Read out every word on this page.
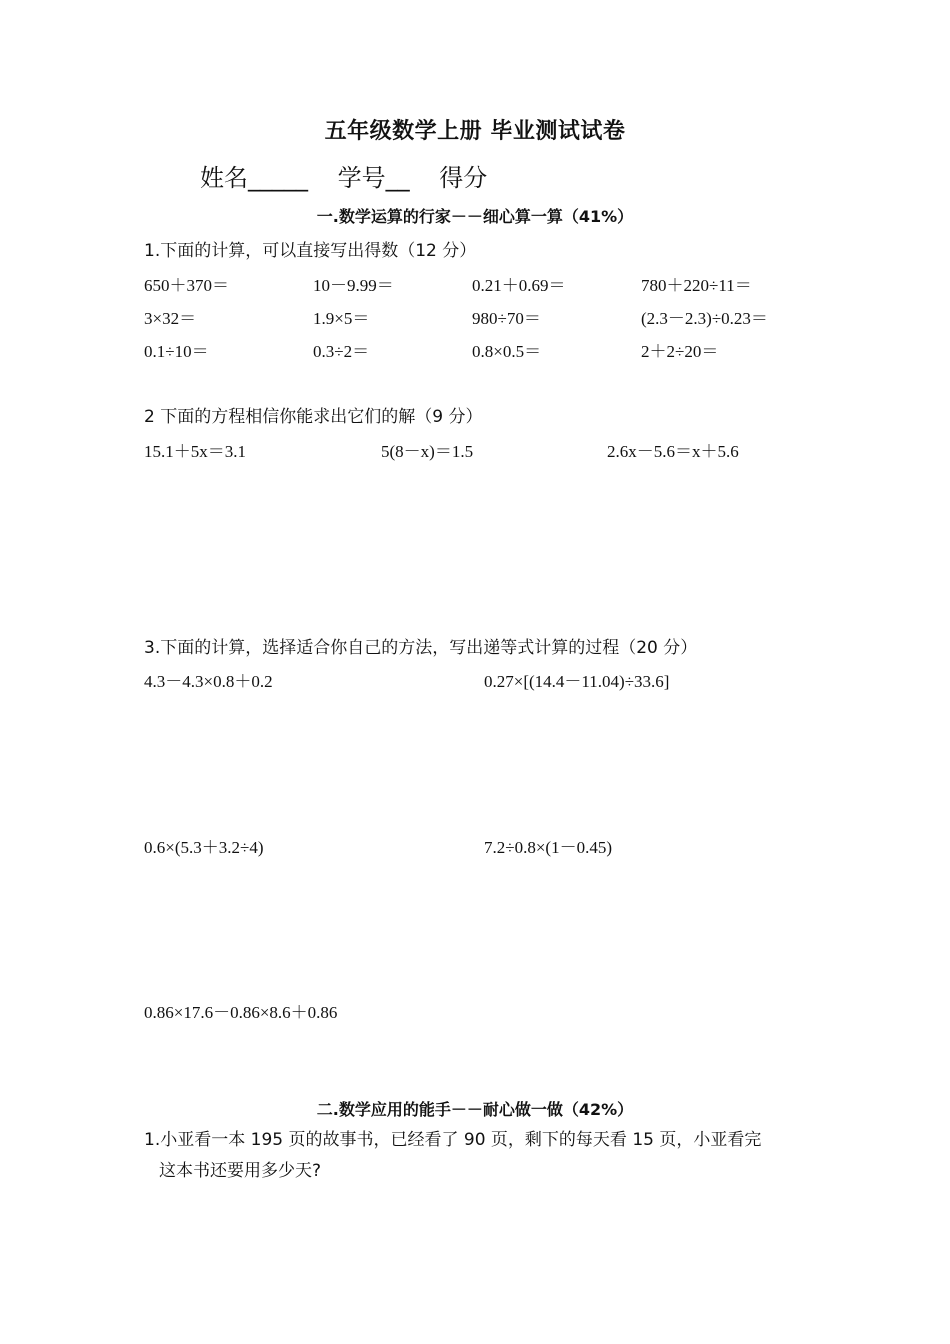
五年级数学上册 毕业测试试卷
姓名_____ 学号__ 得分
一.数学运算的行家－－细心算一算（41%）
1.下面的计算，可以直接写出得数（12 分）
650＋370＝	10－9.99＝	0.21＋0.69＝	780＋220÷11＝
3×32＝	1.9×5＝	980÷70＝	(2.3－2.3)÷0.23＝
0.1÷10＝	0.3÷2＝	0.8×0.5＝	2＋2÷20＝
2 下面的方程相信你能求出它们的解（9 分）
15.1＋5x＝3.1	5(8－x)＝1.5	2.6x－5.6＝x＋5.6
3.下面的计算，选择适合你自己的方法，写出递等式计算的过程（20 分）
4.3－4.3×0.8＋0.2	0.27×[(14.4－11.04)÷33.6]
0.6×(5.3＋3.2÷4)	7.2÷0.8×(1－0.45)
0.86×17.6－0.86×8.6＋0.86
二.数学应用的能手－－耐心做一做（42%）
1.小亚看一本 195 页的故事书，已经看了 90 页，剩下的每天看 15 页，小亚看完
这本书还要用多少天?
